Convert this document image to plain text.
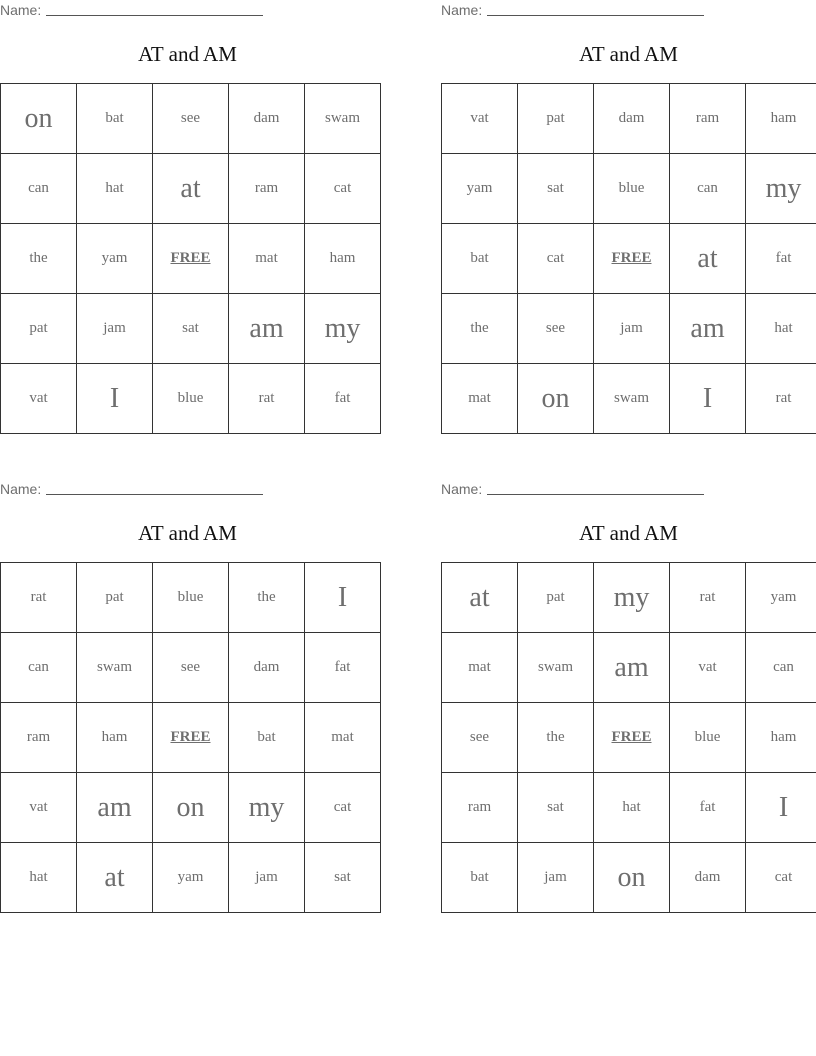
Name:
AT and AM
on	bat	see	dam	swam
can	hat	at	ram	cat
the	yam	FREE	mat	ham
pat	jam	sat	am	my
vat	I	blue	rat	fat
Name:
AT and AM
vat	pat	dam	ram	ham
yam	sat	blue	can	my
bat	cat	FREE	at	fat
the	see	jam	am	hat
mat	on	swam	I	rat
Name:
AT and AM
rat	pat	blue	the	I
can	swam	see	dam	fat
ram	ham	FREE	bat	mat
vat	am	on	my	cat
hat	at	yam	jam	sat
Name:
AT and AM
at	pat	my	rat	yam
mat	swam	am	vat	can
see	the	FREE	blue	ham
ram	sat	hat	fat	I
bat	jam	on	dam	cat
